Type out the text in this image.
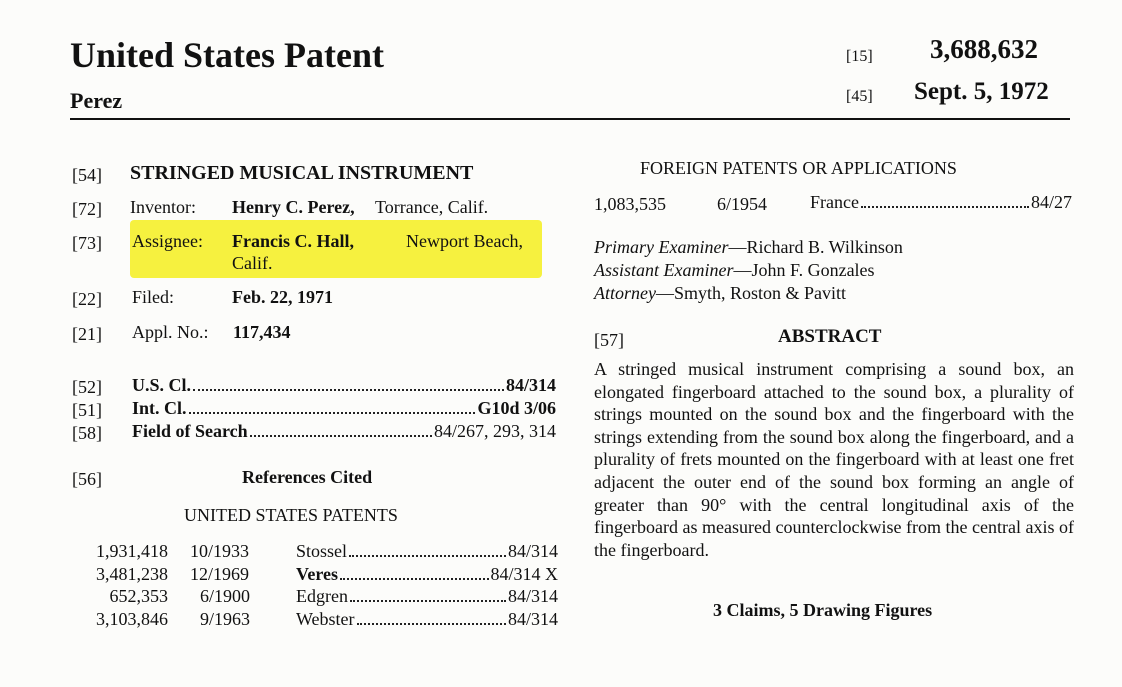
United States Patent
Perez
[15] 3,688,632
[45] Sept. 5, 1972
[54] STRINGED MUSICAL INSTRUMENT
[72] Inventor: Henry C. Perez, Torrance, Calif.
[73] Assignee: Francis C. Hall,	Newport Beach,
Calif.
[22] Filed:	Feb. 22, 1971
[21] Appl. No.: 117,434
[52] U.S. Cl.	84/314
[51] Int. Cl.	G10d 3/06
[58] Field of Search	84/267, 293, 314
[56]	References Cited
UNITED STATES PATENTS
1,931,418 10/1933	Stossel	84/314
3,481,238 12/1969	Veres	84/314 X
652,353 6/1900	Edgren	84/314
3,103,846 9/1963	Webster	84/314
FOREIGN PATENTS OR APPLICATIONS
1,083,535	6/1954 France	84/27
Primary Examiner—Richard B. Wilkinson
Assistant Examiner—John F. Gonzales
Attorney—Smyth, Roston & Pavitt
[57]	ABSTRACT
A stringed musical instrument comprising a sound box, an elongated fingerboard attached to the sound box, a plurality of strings mounted on the sound box and the fingerboard with the strings extending from the sound box along the fingerboard, and a plurality of frets mounted on the fingerboard with at least one fret adjacent the outer end of the sound box forming an angle of greater than 90° with the central longitudinal axis of the fingerboard as measured counterclockwise from the central axis of the fingerboard.
3 Claims, 5 Drawing Figures
